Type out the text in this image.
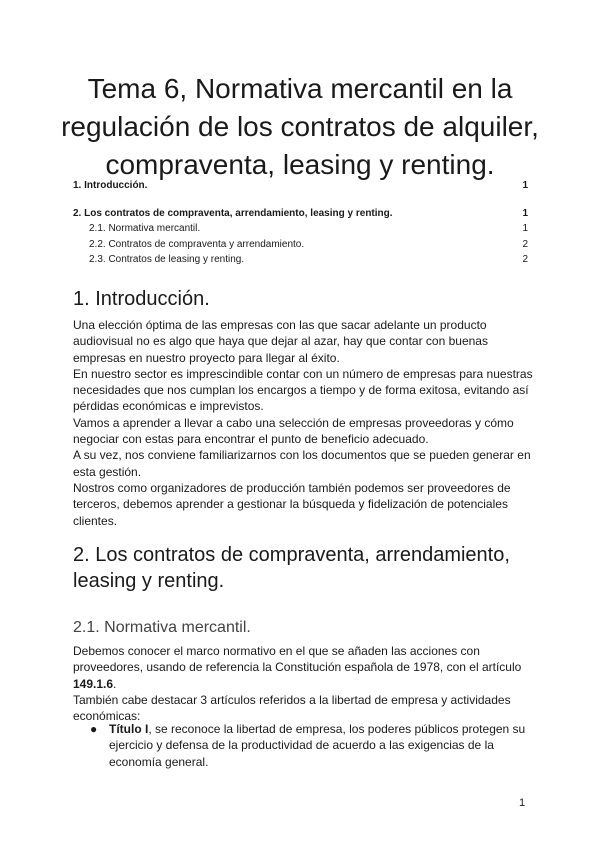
Tema 6, Normativa mercantil en la regulación de los contratos de alquiler, compraventa, leasing y renting.
1. Introducción.	1
2. Los contratos de compraventa, arrendamiento, leasing y renting.	1
2.1. Normativa mercantil.	1
2.2. Contratos de compraventa y arrendamiento.	2
2.3. Contratos de leasing y renting.	2
1. Introducción.

Una elección óptima de las empresas con las que sacar adelante un producto audiovisual no es algo que haya que dejar al azar, hay que contar con buenas empresas en nuestro proyecto para llegar al éxito.

En nuestro sector es imprescindible contar con un número de empresas para nuestras necesidades que nos cumplan los encargos a tiempo y de forma exitosa, evitando así pérdidas económicas e imprevistos.

Vamos a aprender a llevar a cabo una selección de empresas proveedoras y cómo negociar con estas para encontrar el punto de beneficio adecuado.

A su vez, nos conviene familiarizarnos con los documentos que se pueden generar en esta gestión.

Nostros como organizadores de producción también podemos ser proveedores de terceros, debemos aprender a gestionar la búsqueda y fidelización de potenciales clientes.

2. Los contratos de compraventa, arrendamiento, leasing y renting.
2.1. Normativa mercantil.

Debemos conocer el marco normativo en el que se añaden las acciones con proveedores, usando de referencia la Constitución española de 1978, con el artículo 149.1.6.

También cabe destacar 3 artículos referidos a la libertad de empresa y actividades económicas:

● Título I, se reconoce la libertad de empresa, los poderes públicos protegen su ejercicio y defensa de la productividad de acuerdo a las exigencias de la economía general.
1
